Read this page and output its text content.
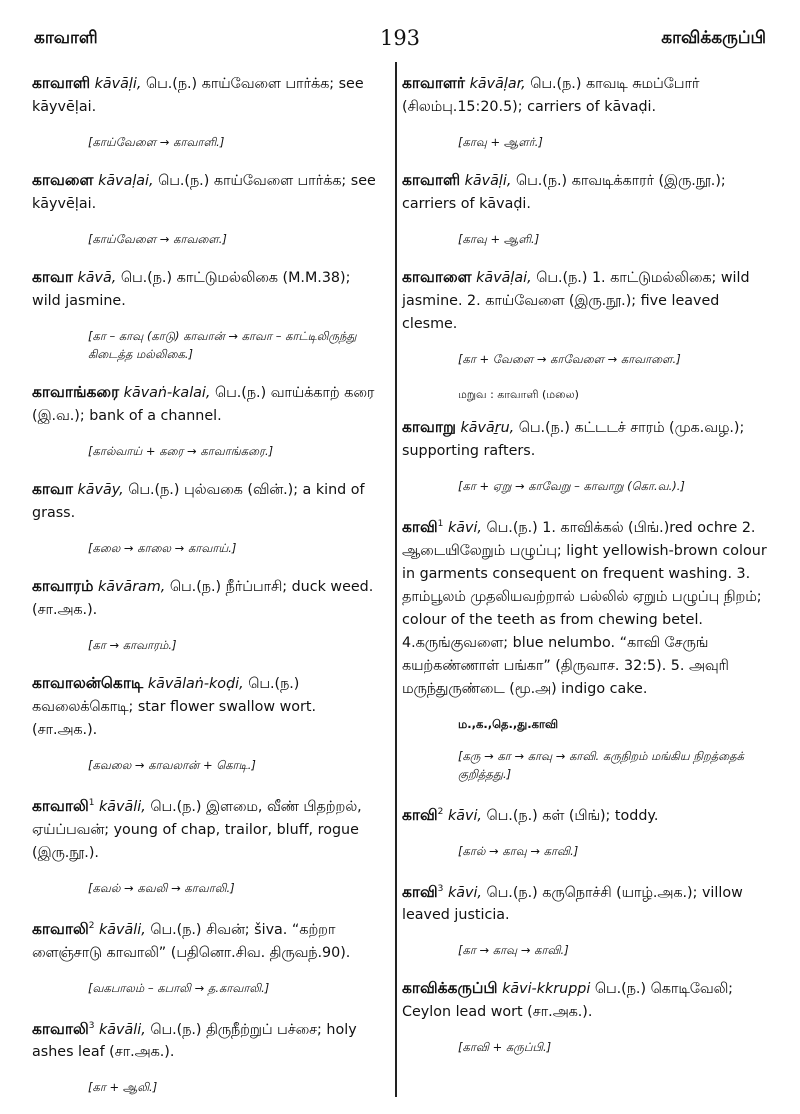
காவாளி	193	காவிக்கருப்பி
காவாளி kāvāḷi, பெ.(ந.) காய்வேளை பார்க்க; see kāyvēḷai.
[காய்வேளை → காவாளி.]
காவளை kāvaḷai, பெ.(ந.) காய்வேளை பார்க்க; see kāyvēḷai.
[காய்வேளை → காவளை.]
காவா kāvā, பெ.(ந.) காட்டுமல்லிகை (M.M.38); wild jasmine.
[கா – காவு (காடு) காவான் → காவா – காட்டிலிருந்து கிடைத்த மல்லிகை.]
காவாங்கரை kāvaṅ-kalai, பெ.(ந.) வாய்க்காற் கரை (இ.வ.); bank of a channel.
[கால்வாய் + கரை → காவாங்கரை.]
காவா kāvāy, பெ.(ந.) புல்வகை (வின்.); a kind of grass.
[கலை → காலை → காவாய்.]
காவாரம் kāvāram, பெ.(ந.) நீர்ப்பாசி; duck weed. (சா.அக.).
[கா → காவாரம்.]
காவாலன்கொடி kāvālaṅ-koḍi, பெ.(ந.) கவலைக்கொடி; star flower swallow wort. (சா.அக.).
[கவலை → காவலான் + கொடி.]
காவாலி$^1$ kāvāli, பெ.(ந.) இளமை, வீண் பிதற்றல், ஏய்ப்பவன்; young of chap, trailor, bluff, rogue (இரு.நூ.).
[கவல் → கவலி → காவாலி.]
காவாலி$^2$ kāvāli, பெ.(ந.) சிவன்; šiva. “கற்றா ளைஞ்சாடு காவாலி” (பதினொ.சிவ. திருவந்.90).
[வகபாலம் – கபாலி → த.காவாலி.]
காவாலி$^3$ kāvāli, பெ.(ந.) திருநீற்றுப் பச்சை; holy ashes leaf (சா.அக.).
[கா + ஆலி.]
காவாளர் kāvāḷar, பெ.(ந.) காவடி சுமப்போர் (சிலம்பு.15:20.5); carriers of kāvaḍi.
[காவு + ஆளர்.]
காவாளி kāvāḷi, பெ.(ந.) காவடிக்காரர் (இரு.நூ.); carriers of kāvaḍi.
[காவு + ஆளி.]
காவாளை kāvāḷai, பெ.(ந.) 1. காட்டுமல்லிகை; wild jasmine. 2. காய்வேளை (இரு.நூ.); five leaved clesme.
[கா + வேளை → காவேளை → காவாளை.]
மறுவ : காவாளி (மலை)
காவாறு kāvāṟu, பெ.(ந.) கட்டடச் சாரம் (முக.வழ.); supporting rafters.
[கா + ஏறு → காவேறு – காவாறு (கொ.வ.).]
காவி$^1$ kāvi, பெ.(ந.) 1. காவிக்கல் (பிங்.)red ochre 2. ஆடையிலேறும் பழுப்பு; light yellowish-brown colour in garments consequent on frequent washing. 3. தாம்பூலம் முதலியவற்றால் பல்லில் ஏறும் பழுப்பு நிறம்; colour of the teeth as from chewing betel. 4.கருங்குவளை; blue nelumbo. “காவி சேருங் கயற்கண்ணாள் பங்கா” (திருவாச. 32:5). 5. அவுரி மருந்துருண்டை (மூ.அ) indigo cake.
ம.,க.,தெ.,து.காவி
[கரு → கா → காவு → காவி. கருநிறம் மங்கிய நிறத்தைக் குறித்தது.]
காவி$^2$ kāvi, பெ.(ந.) கள் (பிங்); toddy.
[கால் → காவு → காவி.]
காவி$^3$ kāvi, பெ.(ந.) கருநொச்சி (யாழ்.அக.); villow leaved justicia.
[கா → காவு → காவி.]
காவிக்கருப்பி kāvi-kkruppi பெ.(ந.) கொடிவேலி; Ceylon lead wort (சா.அக.).
[காவி + கருப்பி.]
